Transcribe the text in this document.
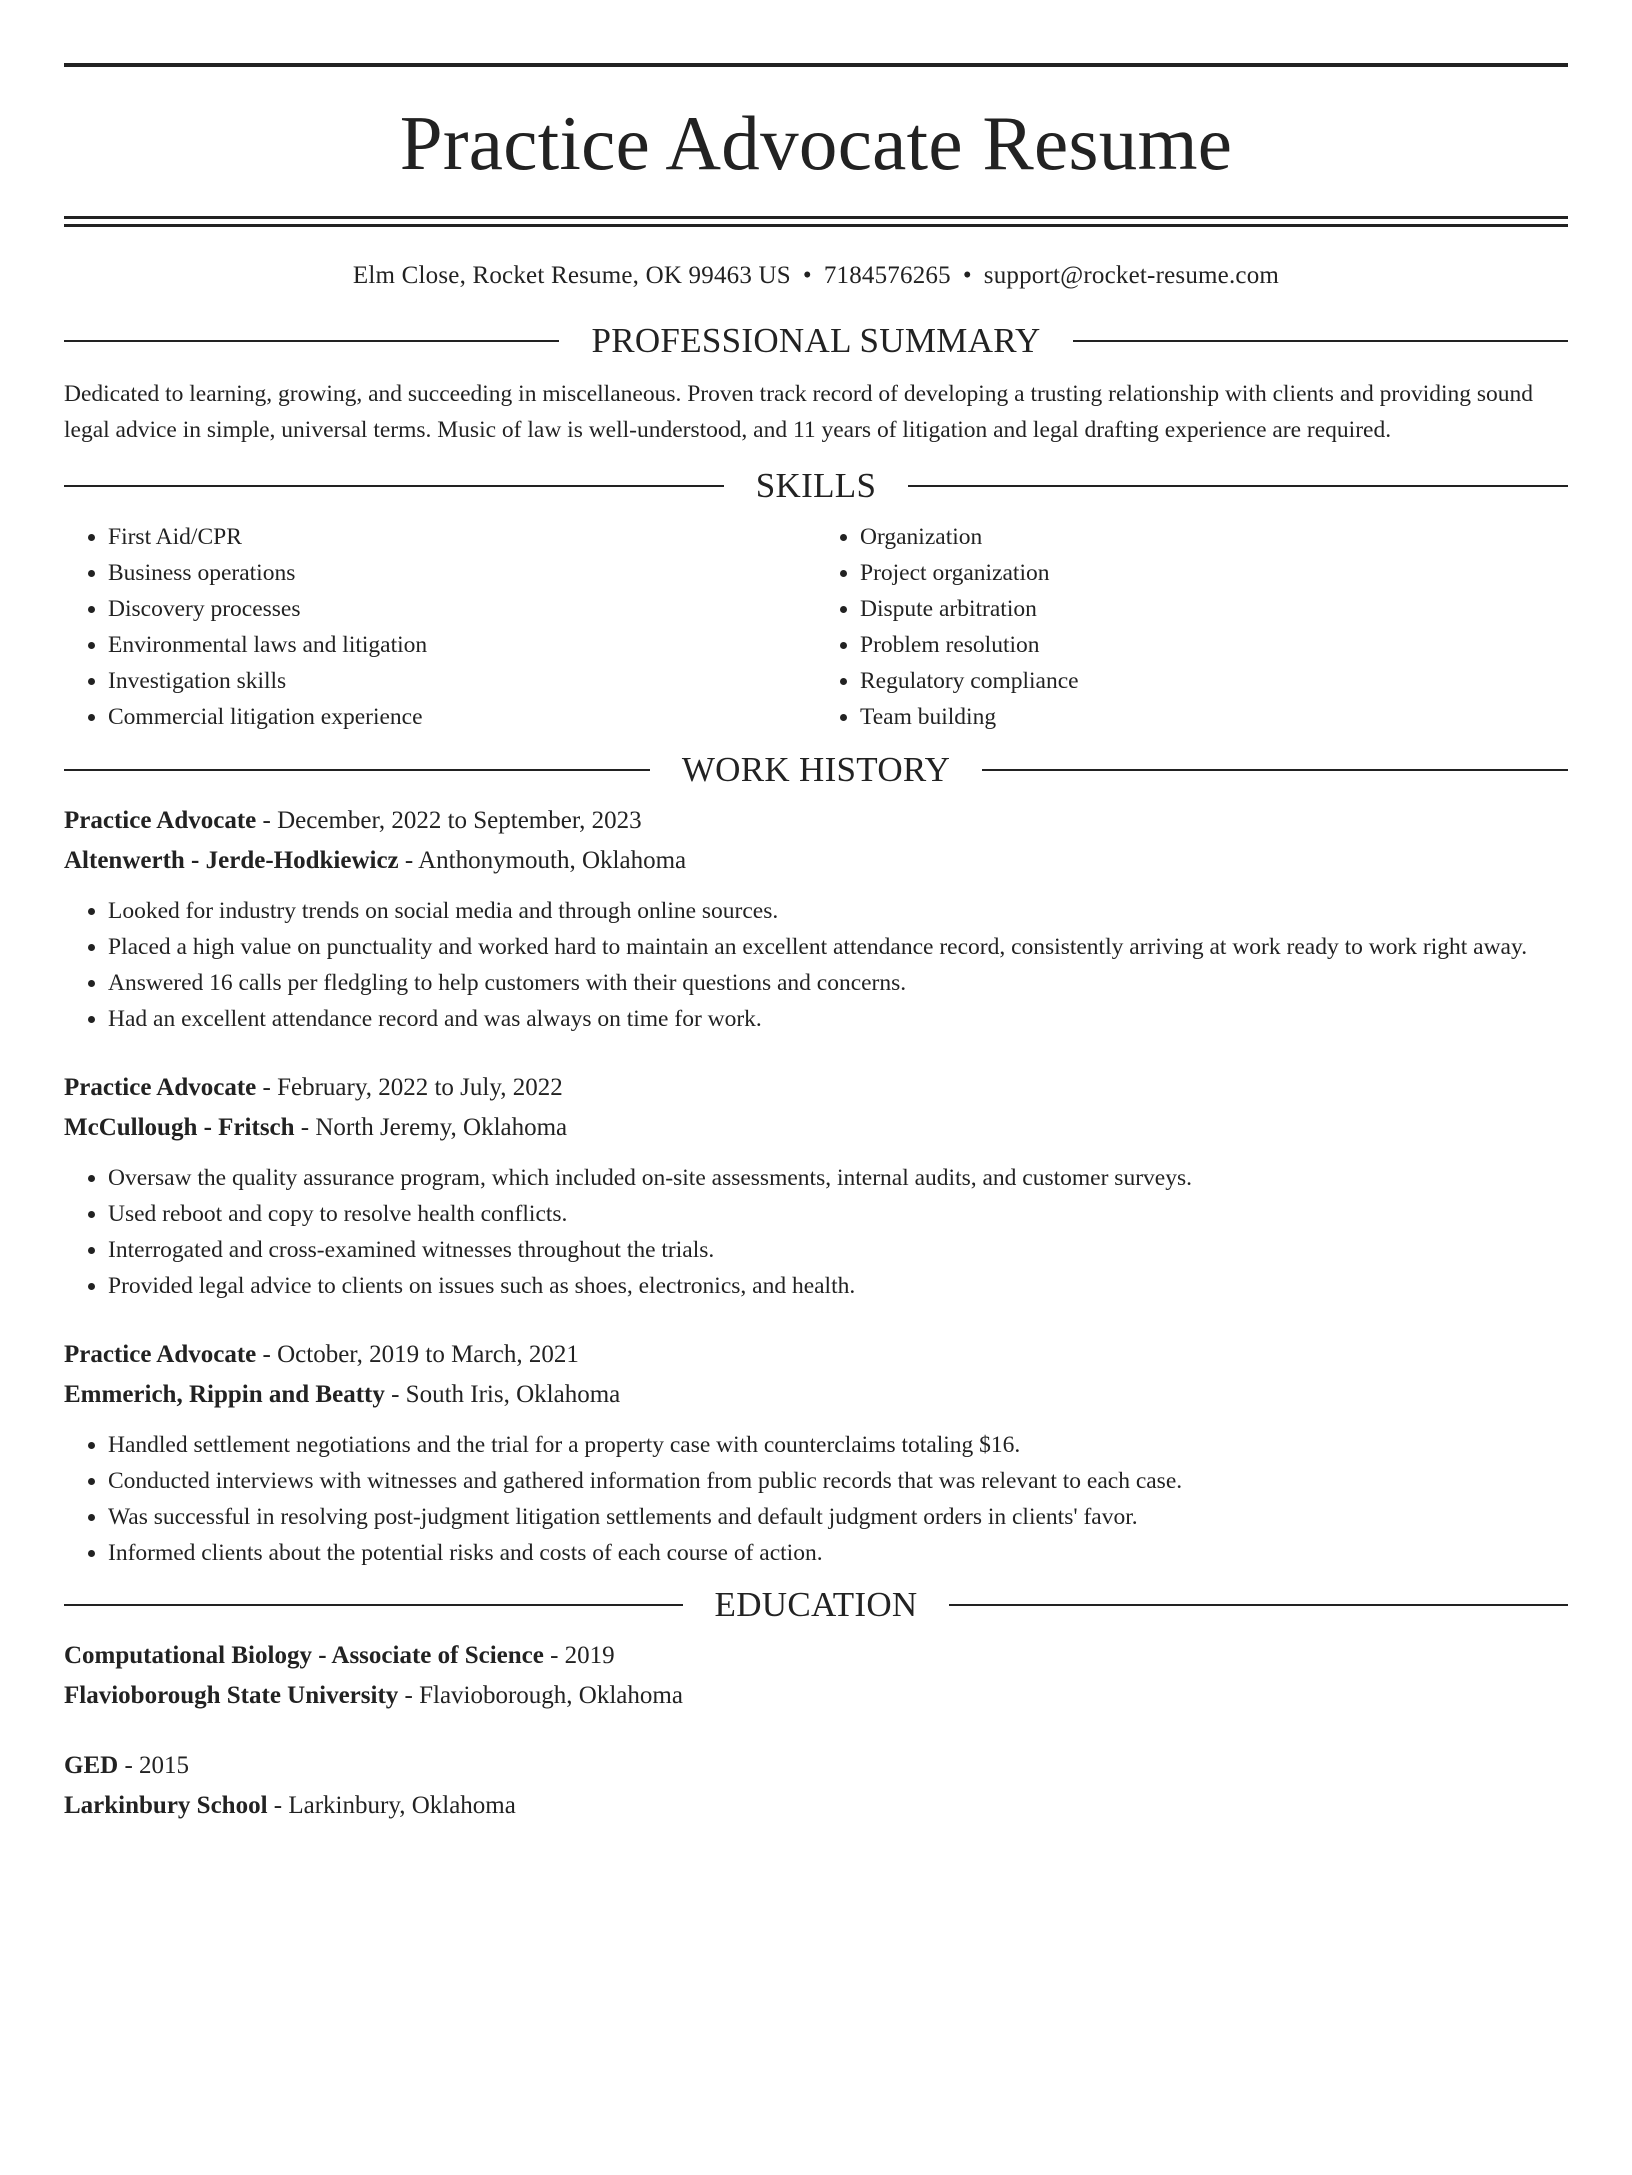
Practice Advocate Resume
Elm Close, Rocket Resume, OK 99463 US • 7184576265 • support@rocket-resume.com
PROFESSIONAL SUMMARY

Dedicated to learning, growing, and succeeding in miscellaneous. Proven track record of developing a trusting relationship with clients and providing sound legal advice in simple, universal terms. Music of law is well-understood, and 11 years of litigation and legal drafting experience are required.

SKILLS
• First Aid/CPR
• Business operations
• Discovery processes
• Environmental laws and litigation
• Investigation skills
• Commercial litigation experience
• Organization
• Project organization
• Dispute arbitration
• Problem resolution
• Regulatory compliance
• Team building
WORK HISTORY
Practice Advocate - December, 2022 to September, 2023
Altenwerth - Jerde-Hodkiewicz - Anthonymouth, Oklahoma
• Looked for industry trends on social media and through online sources.
• Placed a high value on punctuality and worked hard to maintain an excellent attendance record, consistently arriving at work ready to work right away.
• Answered 16 calls per fledgling to help customers with their questions and concerns.
• Had an excellent attendance record and was always on time for work.
Practice Advocate - February, 2022 to July, 2022
McCullough - Fritsch - North Jeremy, Oklahoma
• Oversaw the quality assurance program, which included on-site assessments, internal audits, and customer surveys.
• Used reboot and copy to resolve health conflicts.
• Interrogated and cross-examined witnesses throughout the trials.
• Provided legal advice to clients on issues such as shoes, electronics, and health.
Practice Advocate - October, 2019 to March, 2021
Emmerich, Rippin and Beatty - South Iris, Oklahoma
• Handled settlement negotiations and the trial for a property case with counterclaims totaling $16.
• Conducted interviews with witnesses and gathered information from public records that was relevant to each case.
• Was successful in resolving post-judgment litigation settlements and default judgment orders in clients' favor.
• Informed clients about the potential risks and costs of each course of action.
EDUCATION
Computational Biology - Associate of Science - 2019
Flavioborough State University - Flavioborough, Oklahoma
GED - 2015
Larkinbury School - Larkinbury, Oklahoma
